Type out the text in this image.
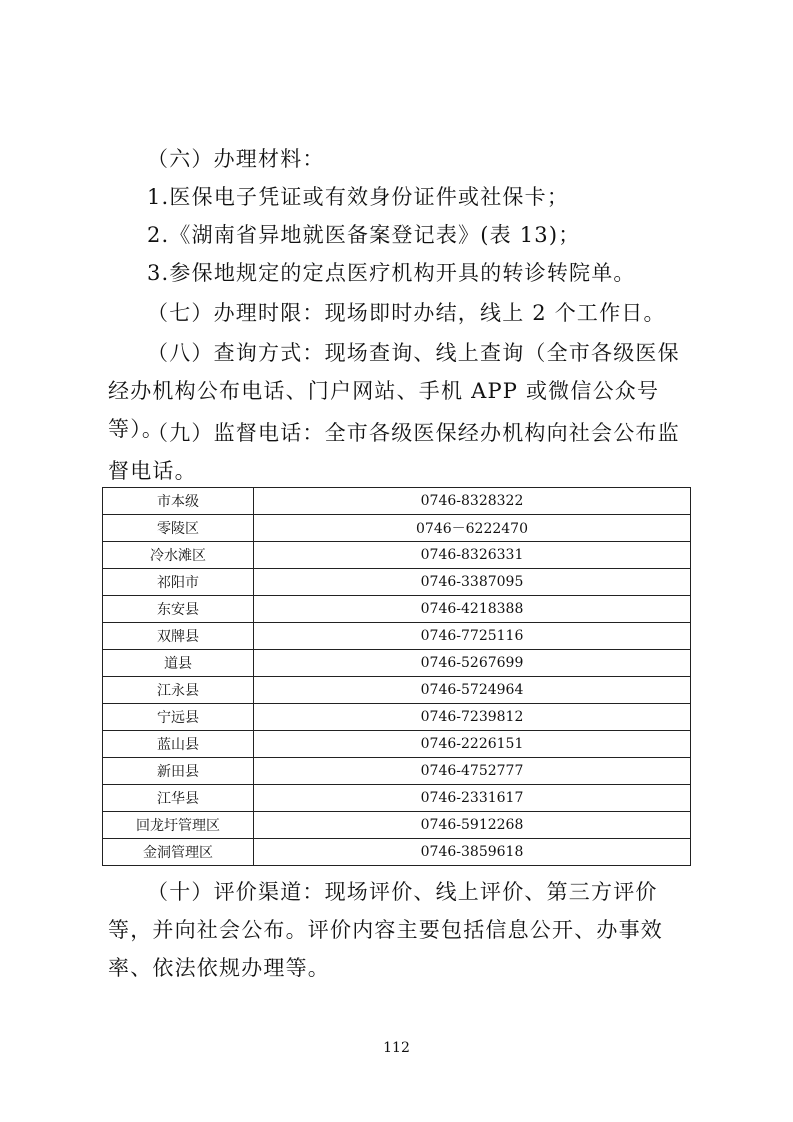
（六）办理材料：
1.医保电子凭证或有效身份证件或社保卡；
2.《湖南省异地就医备案登记表》(表 13)；
3.参保地规定的定点医疗机构开具的转诊转院单。
（七）办理时限：现场即时办结，线上 2 个工作日。
（八）查询方式：现场查询、线上查询（全市各级医保经办机构公布电话、门户网站、手机 APP 或微信公众号等）。
（九）监督电话：全市各级医保经办机构向社会公布监督电话。
市本级	0746-8328322
零陵区	0746－6222470
冷水滩区	0746-8326331
祁阳市	0746-3387095
东安县	0746-4218388
双牌县	0746-7725116
道县	0746-5267699
江永县	0746-5724964
宁远县	0746-7239812
蓝山县	0746-2226151
新田县	0746-4752777
江华县	0746-2331617
回龙圩管理区	0746-5912268
金洞管理区	0746-3859618
（十）评价渠道：现场评价、线上评价、第三方评价等，并向社会公布。评价内容主要包括信息公开、办事效率、依法依规办理等。
112
